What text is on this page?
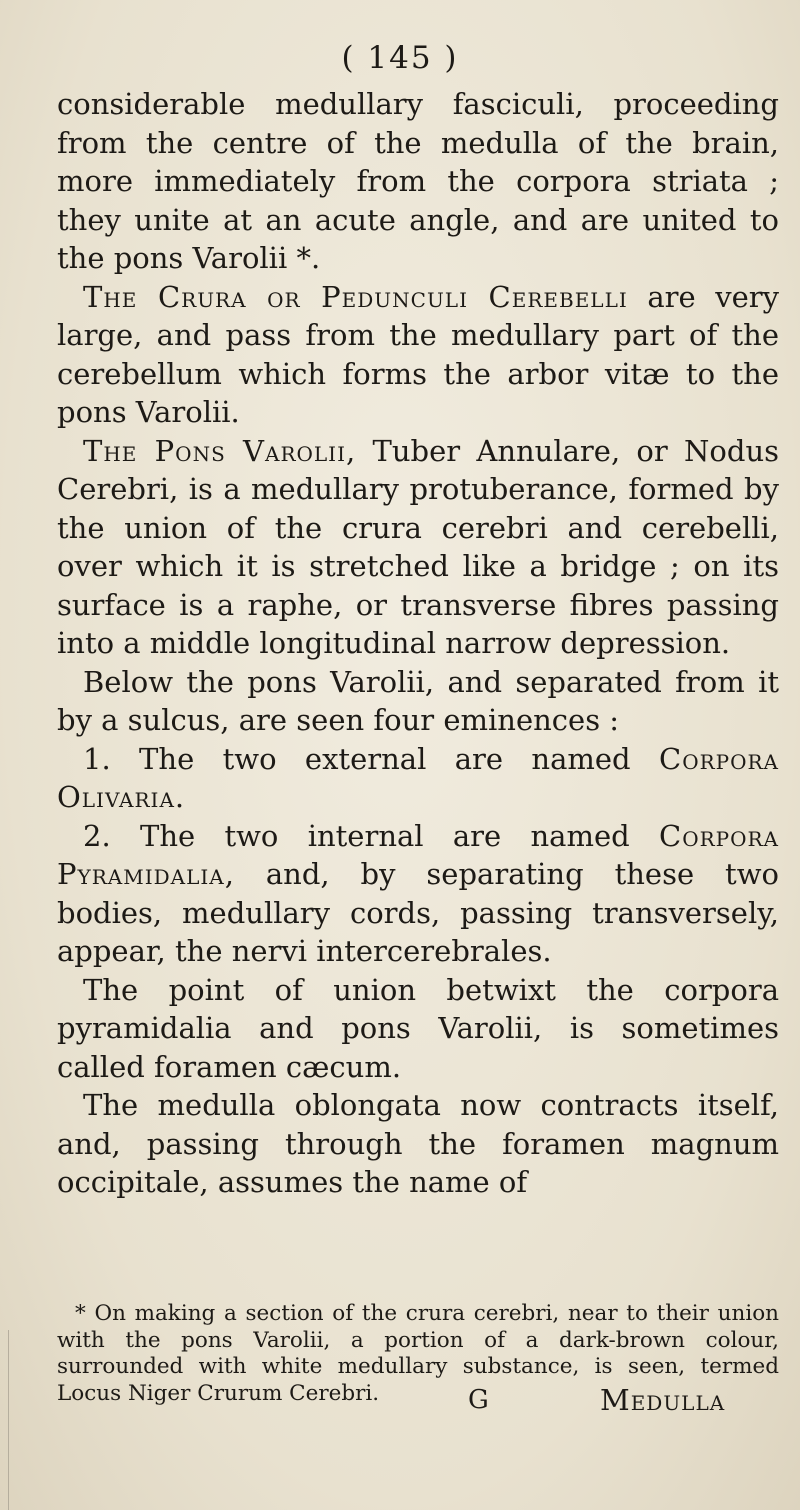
( 145 )

considerable medullary fasciculi, proceeding from the centre of the medulla of the brain, more immediately from the corpora striata ; they unite at an acute angle, and are united to the pons Varolii *.

The Crura or Pedunculi Cerebelli are very large, and pass from the medullary part of the cerebellum which forms the arbor vitæ to the pons Varolii.

The Pons Varolii, Tuber Annulare, or Nodus Cerebri, is a medullary protuberance, formed by the union of the crura cerebri and cerebelli, over which it is stretched like a bridge ; on its surface is a raphe, or transverse fibres passing into a middle longitudinal narrow depression.

Below the pons Varolii, and separated from it by a sulcus, are seen four eminences :

1. The two external are named Corpora Olivaria.

2. The two internal are named Corpora Pyramidalia, and, by separating these two bodies, medullary cords, passing transversely, appear, the nervi intercerebrales.

The point of union betwixt the corpora pyramidalia and pons Varolii, is sometimes called foramen cæcum.

The medulla oblongata now contracts itself, and, passing through the foramen magnum occipitale, assumes the name of

* On making a section of the crura cerebri, near to their union with the pons Varolii, a portion of a dark-brown colour, surrounded with white medullary substance, is seen, termed Locus Niger Crurum Cerebri.	G	Medulla
